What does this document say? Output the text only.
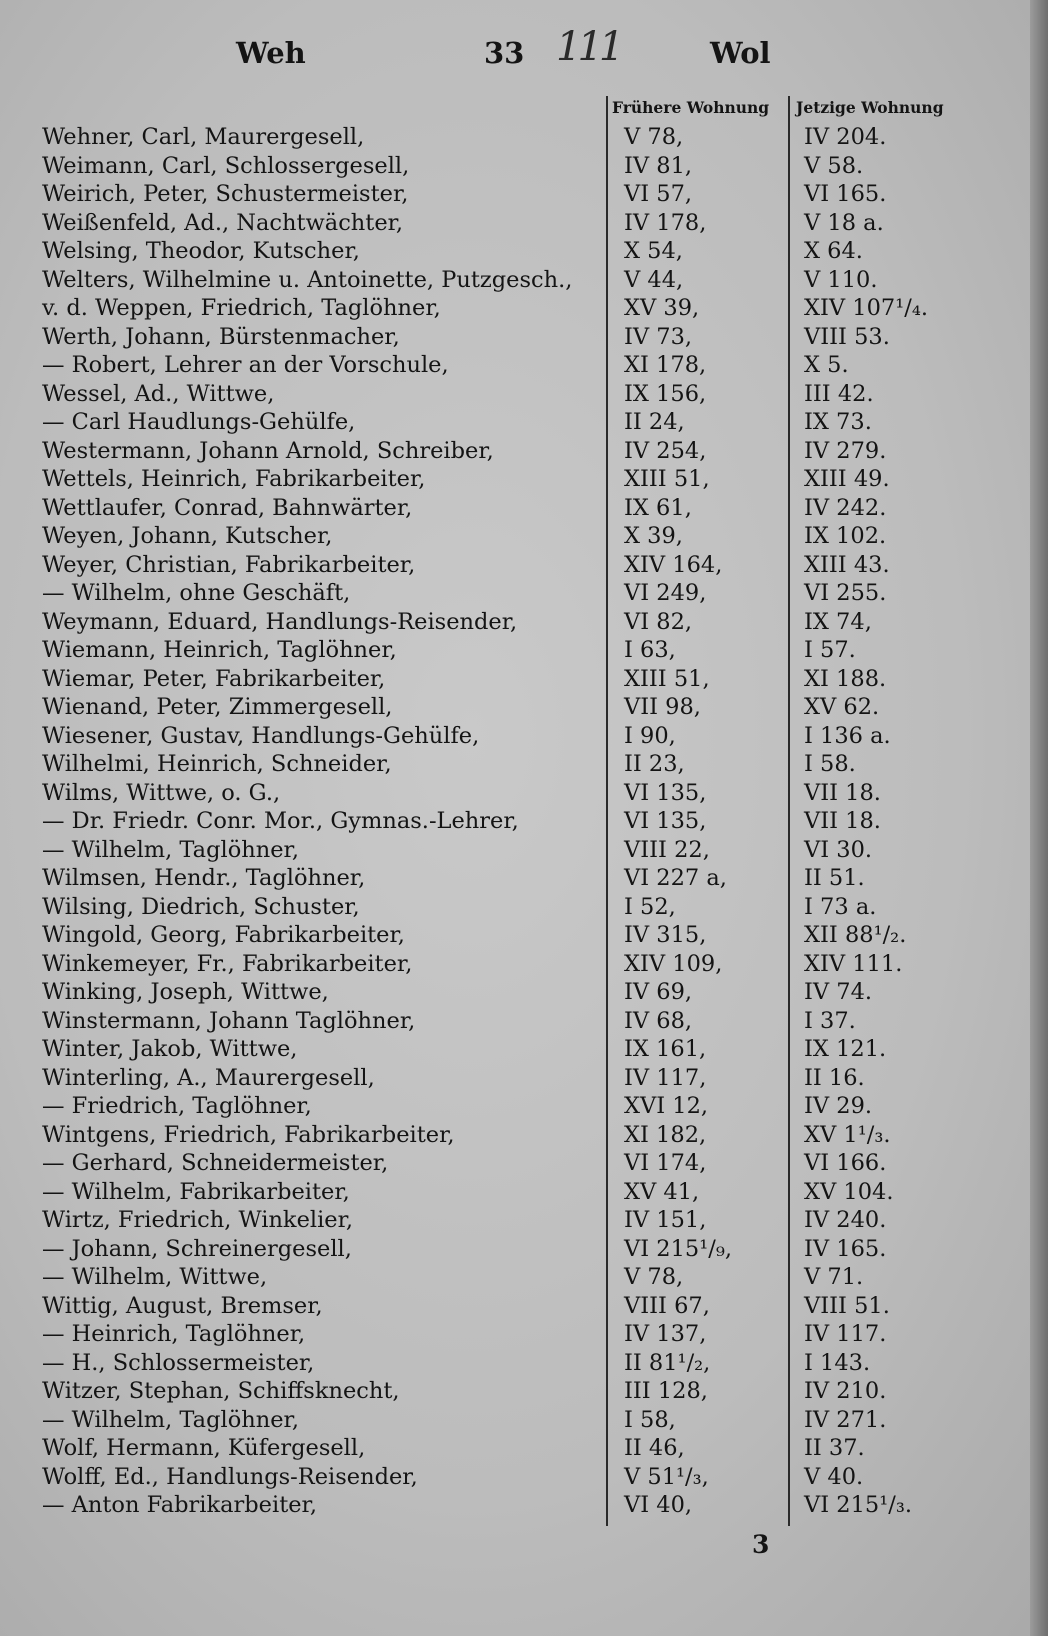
Weh	33 111	Wol
Frühere Wohnung Jetzige Wohnung
Wehner, Carl, Maurergesell,	V 78,	IV 204.
Weimann, Carl, Schlossergesell,	IV 81,	V 58.
Weirich, Peter, Schustermeister,	VI 57,	VI 165.
Weißenfeld, Ad., Nachtwächter,	IV 178,	V 18 a.
Welsing, Theodor, Kutscher,	X 54,	X 64.
Welters, Wilhelmine u. Antoinette, Putzgesch., V 44,	V 110.
v. d. Weppen, Friedrich, Taglöhner,	XV 39,	XIV 107¹/₄.
Werth, Johann, Bürstenmacher,	IV 73,	VIII 53.
— Robert, Lehrer an der Vorschule,	XI 178,	X 5.
Wessel, Ad., Wittwe,	IX 156,	III 42.
— Carl Haudlungs-Gehülfe,	II 24,	IX 73.
Westermann, Johann Arnold, Schreiber,	IV 254,	IV 279.
Wettels, Heinrich, Fabrikarbeiter,	XIII 51,	XIII 49.
Wettlaufer, Conrad, Bahnwärter,	IX 61,	IV 242.
Weyen, Johann, Kutscher,	X 39,	IX 102.
Weyer, Christian, Fabrikarbeiter,	XIV 164,	XIII 43.
— Wilhelm, ohne Geschäft,	VI 249,	VI 255.
Weymann, Eduard, Handlungs-Reisender,	VI 82,	IX 74,
Wiemann, Heinrich, Taglöhner,	I 63,	I 57.
Wiemar, Peter, Fabrikarbeiter,	XIII 51,	XI 188.
Wienand, Peter, Zimmergesell,	VII 98,	XV 62.
Wiesener, Gustav, Handlungs-Gehülfe,	I 90,	I 136 a.
Wilhelmi, Heinrich, Schneider,	II 23,	I 58.
Wilms, Wittwe, o. G.,	VI 135,	VII 18.
— Dr. Friedr. Conr. Mor., Gymnas.-Lehrer,	VI 135,	VII 18.
— Wilhelm, Taglöhner,	VIII 22,	VI 30.
Wilmsen, Hendr., Taglöhner,	VI 227 a,	II 51.
Wilsing, Diedrich, Schuster,	I 52,	I 73 a.
Wingold, Georg, Fabrikarbeiter,	IV 315,	XII 88¹/₂.
Winkemeyer, Fr., Fabrikarbeiter,	XIV 109,	XIV 111.
Winking, Joseph, Wittwe,	IV 69,	IV 74.
Winstermann, Johann Taglöhner,	IV 68,	I 37.
Winter, Jakob, Wittwe,	IX 161,	IX 121.
Winterling, A., Maurergesell,	IV 117,	II 16.
— Friedrich, Taglöhner,	XVI 12,	IV 29.
Wintgens, Friedrich, Fabrikarbeiter,	XI 182,	XV 1¹/₃.
— Gerhard, Schneidermeister,	VI 174,	VI 166.
— Wilhelm, Fabrikarbeiter,	XV 41,	XV 104.
Wirtz, Friedrich, Winkelier,	IV 151,	IV 240.
— Johann, Schreinergesell,	VI 215¹/₉,	IV 165.
— Wilhelm, Wittwe,	V 78,	V 71.
Wittig, August, Bremser,	VIII 67,	VIII 51.
— Heinrich, Taglöhner,	IV 137,	IV 117.
— H., Schlossermeister,	II 81¹/₂,	I 143.
Witzer, Stephan, Schiffsknecht,	III 128,	IV 210.
— Wilhelm, Taglöhner,	I 58,	IV 271.
Wolf, Hermann, Küfergesell,	II 46,	II 37.
Wolff, Ed., Handlungs-Reisender,	V 51¹/₃,	V 40.
— Anton Fabrikarbeiter,	VI 40,	VI 215¹/₃.
3
